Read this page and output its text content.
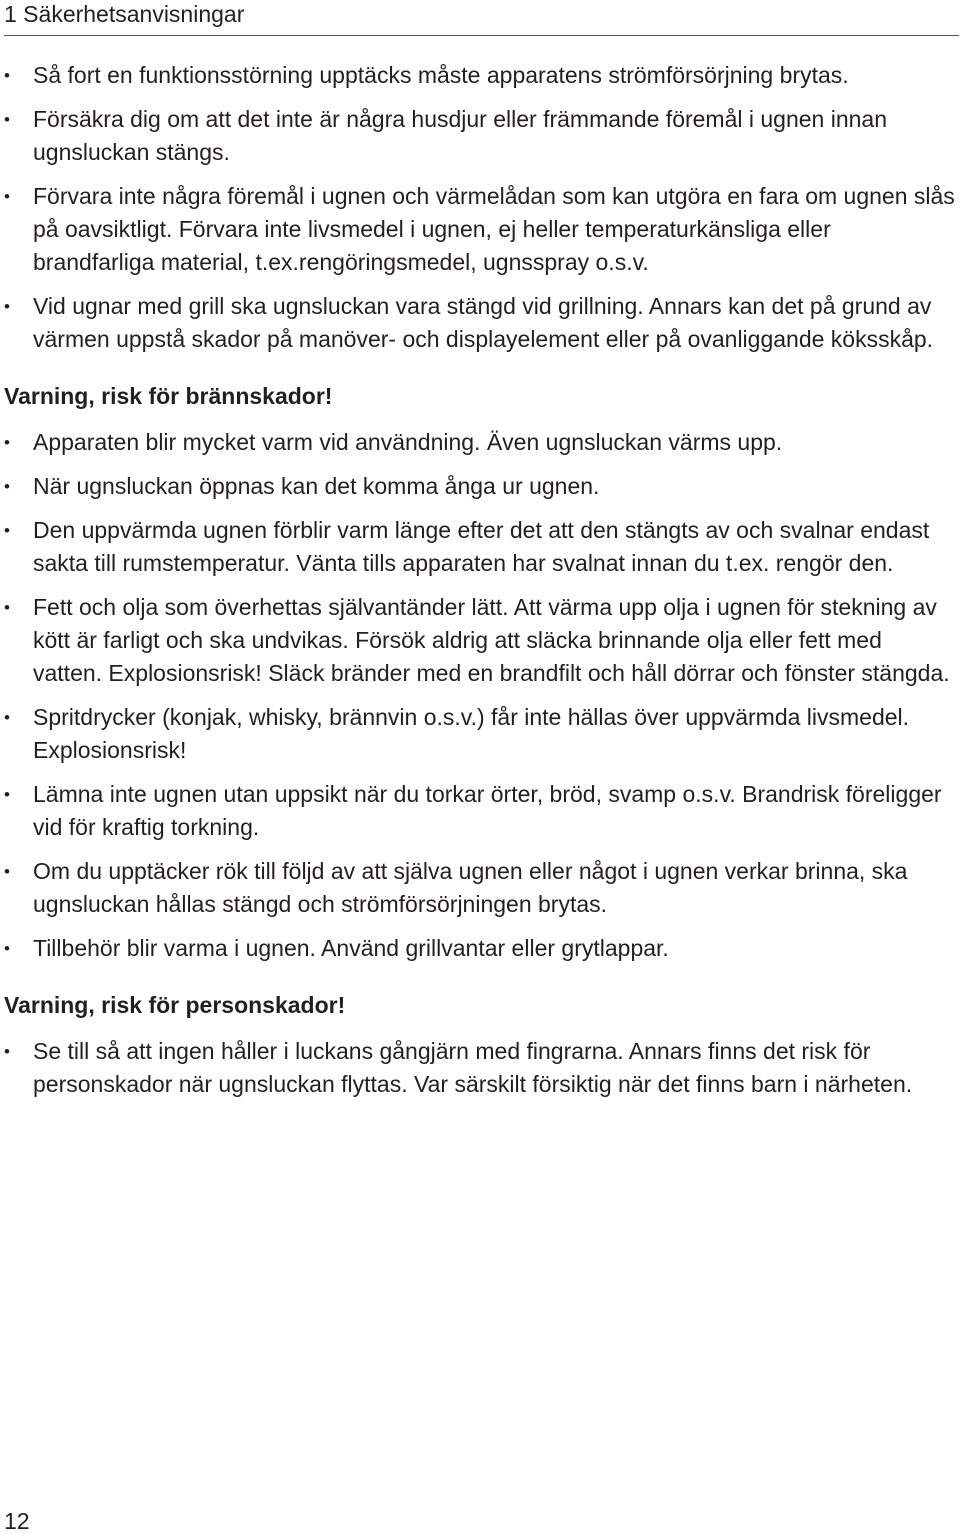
1 Säkerhetsanvisningar
•	Så fort en funktionsstörning upptäcks måste apparatens strömförsörjning brytas.
•	Försäkra dig om att det inte är några husdjur eller främmande föremål i ugnen innan ugnsluckan stängs.
•	Förvara inte några föremål i ugnen och värmelådan som kan utgöra en fara om ugnen slås på oavsiktligt. Förvara inte livsmedel i ugnen, ej heller temperaturkänsliga eller brandfarliga material, t.ex.rengöringsmedel, ugnsspray o.s.v.
•	Vid ugnar med grill ska ugnsluckan vara stängd vid grillning. Annars kan det på grund av värmen uppstå skador på manöver- och displayelement eller på ovanliggande köksskåp.
Varning, risk för brännskador!
•	Apparaten blir mycket varm vid användning. Även ugnsluckan värms upp.
•	När ugnsluckan öppnas kan det komma ånga ur ugnen.
•	Den uppvärmda ugnen förblir varm länge efter det att den stängts av och svalnar endast sakta till rumstemperatur. Vänta tills apparaten har svalnat innan du t.ex. rengör den.
•	Fett och olja som överhettas självantänder lätt. Att värma upp olja i ugnen för stekning av kött är farligt och ska undvikas. Försök aldrig att släcka brinnande olja eller fett med vatten. Explosionsrisk! Släck bränder med en brandfilt och håll dörrar och fönster stängda.
•	Spritdrycker (konjak, whisky, brännvin o.s.v.) får inte hällas över uppvärmda livsmedel. Explosionsrisk!
•	Lämna inte ugnen utan uppsikt när du torkar örter, bröd, svamp o.s.v. Brandrisk föreligger vid för kraftig torkning.
•	Om du upptäcker rök till följd av att själva ugnen eller något i ugnen verkar brinna, ska ugnsluckan hållas stängd och strömförsörjningen brytas.
•	Tillbehör blir varma i ugnen. Använd grillvantar eller grytlappar.
Varning, risk för personskador!
•	Se till så att ingen håller i luckans gångjärn med fingrarna. Annars finns det risk för personskador när ugnsluckan flyttas. Var särskilt försiktig när det finns barn i närheten.
12
